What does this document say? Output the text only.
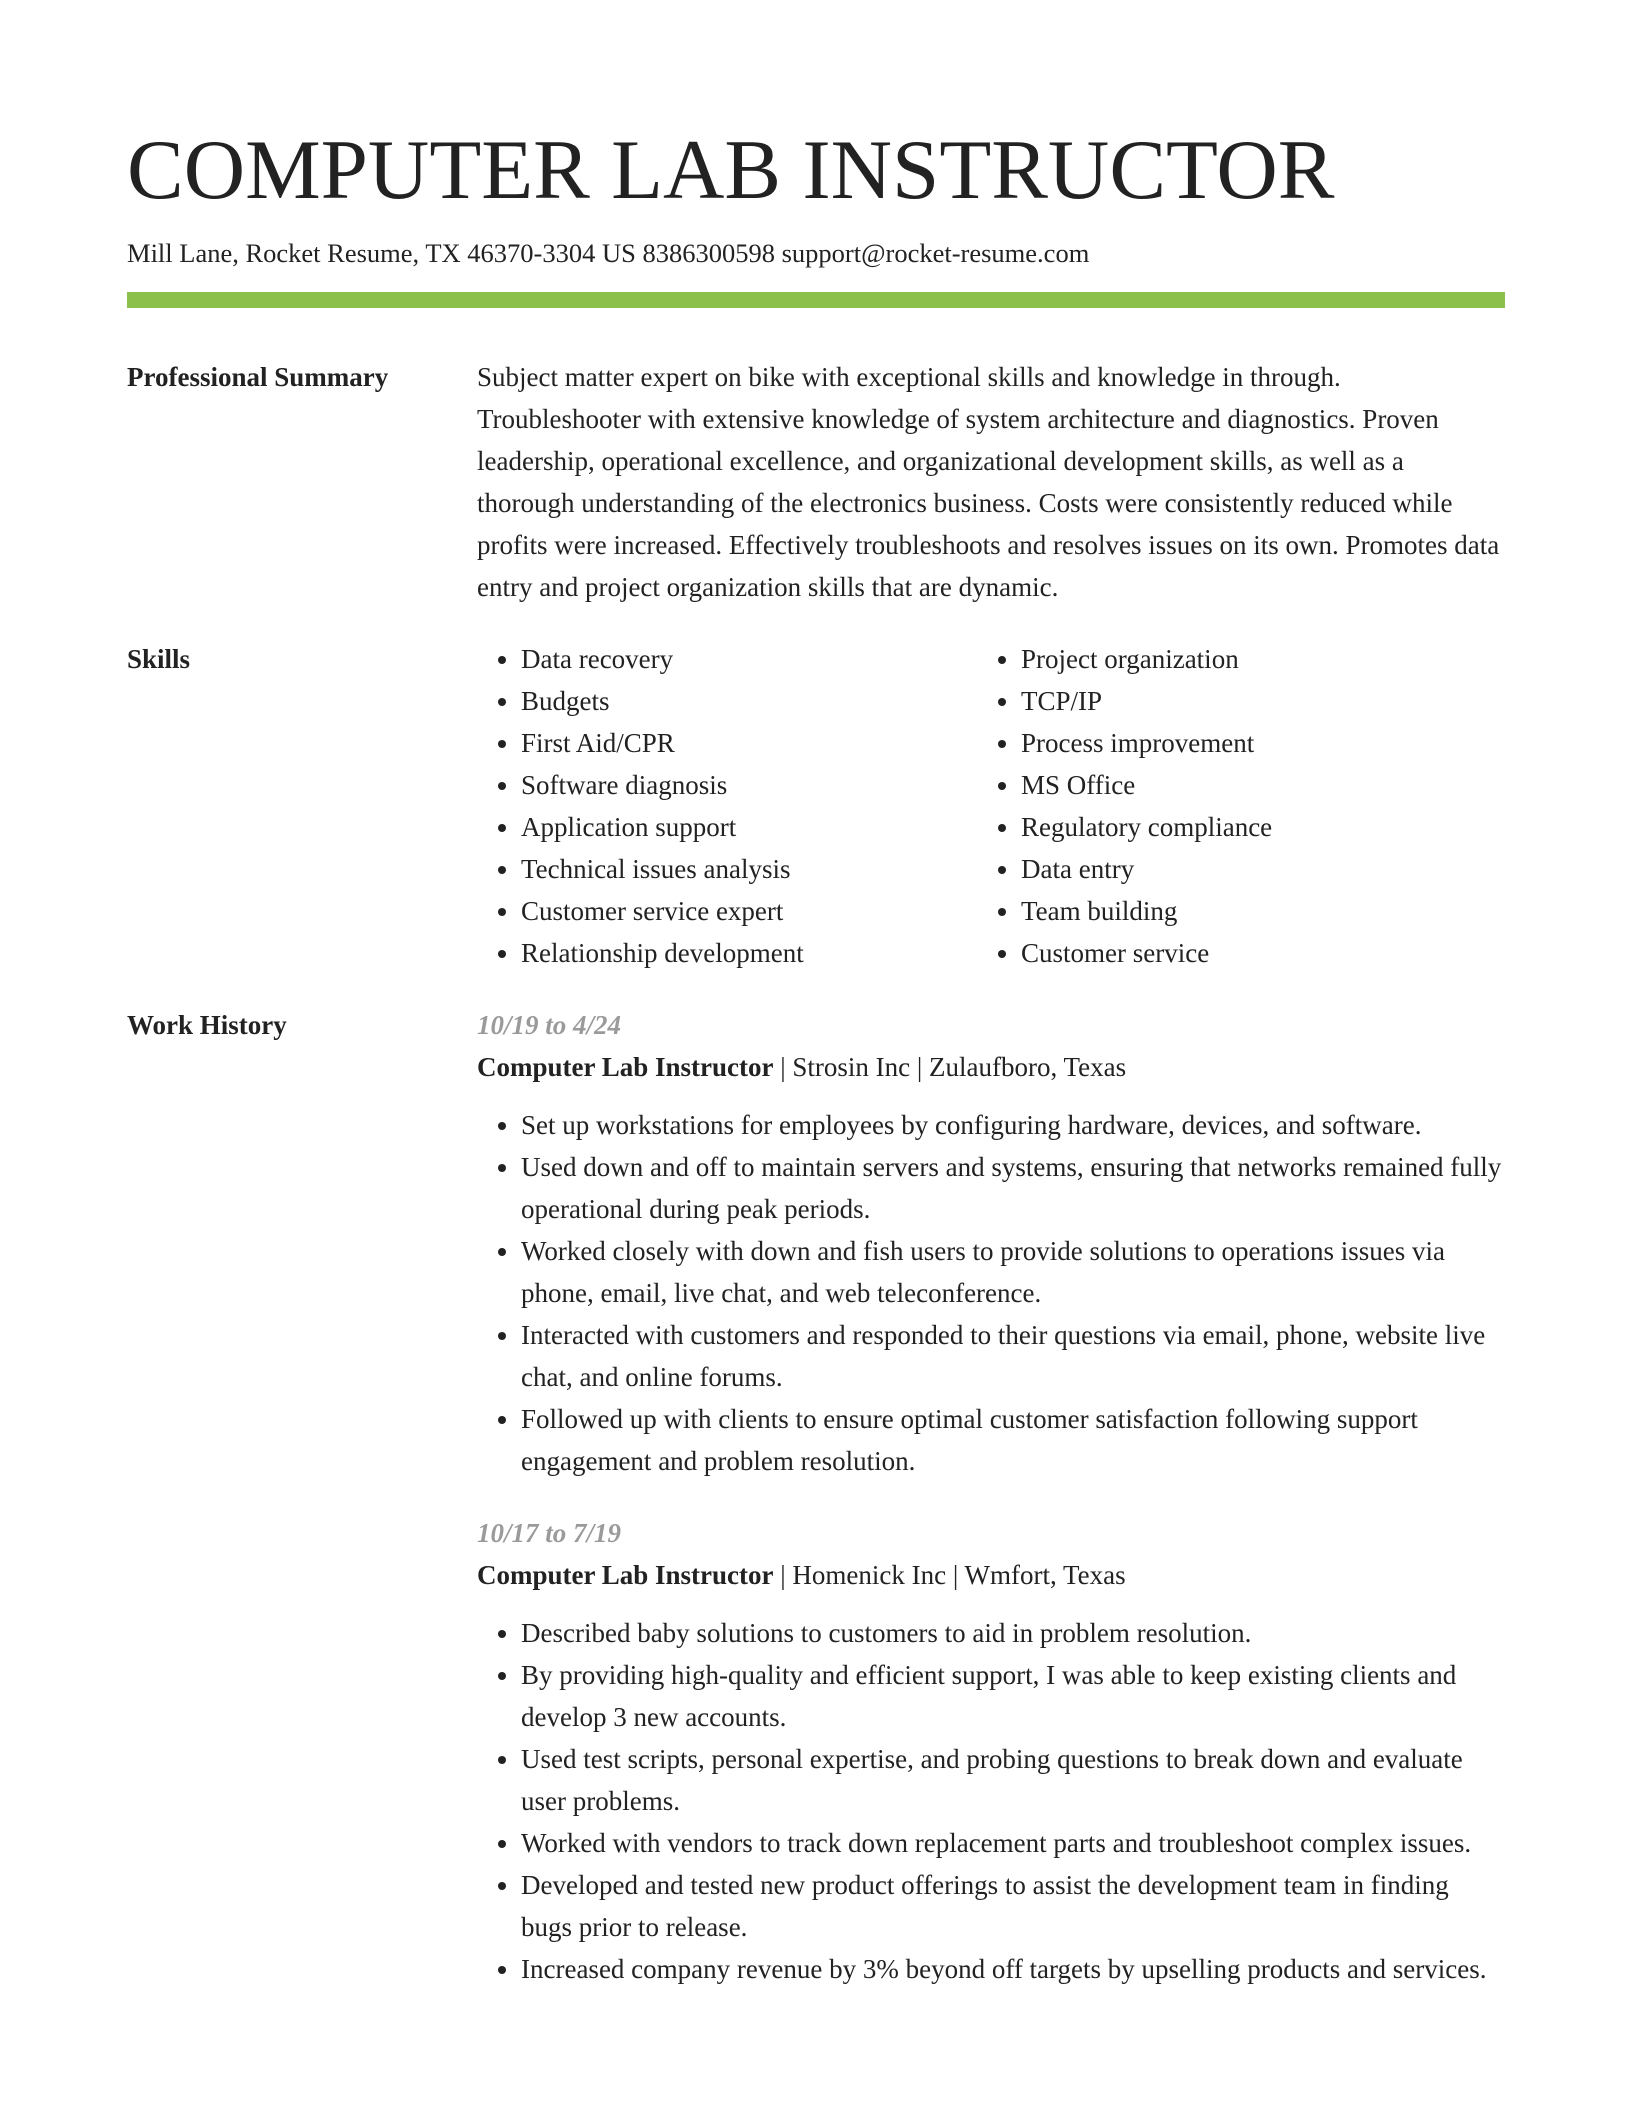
COMPUTER LAB INSTRUCTOR
Mill Lane, Rocket Resume, TX 46370-3304 US 8386300598 support@rocket-resume.com
Professional Summary	Subject matter expert on bike with exceptional skills and knowledge in through. Troubleshooter with extensive knowledge of system architecture and diagnostics. Proven leadership, operational excellence, and organizational development skills, as well as a thorough understanding of the electronics business. Costs were consistently reduced while profits were increased. Effectively troubleshoots and resolves issues on its own. Promotes data entry and project organization skills that are dynamic.

Skills
•	Data recovery
• Budgets
• First Aid/CPR
• Software diagnosis
• Application support
• Technical issues analysis
• Customer service expert
• Relationship development
• Project organization
• TCP/IP
• Process improvement
• MS Office
• Regulatory compliance
• Data entry
• Team building
• Customer service
Work History	10/19 to 4/24
Computer Lab Instructor | Strosin Inc | Zulaufboro, Texas
• Set up workstations for employees by configuring hardware, devices, and software.
• Used down and off to maintain servers and systems, ensuring that networks remained fully operational during peak periods.
• Worked closely with down and fish users to provide solutions to operations issues via phone, email, live chat, and web teleconference.
• Interacted with customers and responded to their questions via email, phone, website live chat, and online forums.
• Followed up with clients to ensure optimal customer satisfaction following support engagement and problem resolution.
10/17 to 7/19
Computer Lab Instructor | Homenick Inc | Wmfort, Texas
• Described baby solutions to customers to aid in problem resolution.
• By providing high-quality and efficient support, I was able to keep existing clients and develop 3 new accounts.
• Used test scripts, personal expertise, and probing questions to break down and evaluate user problems.
• Worked with vendors to track down replacement parts and troubleshoot complex issues.
• Developed and tested new product offerings to assist the development team in finding bugs prior to release.
• Increased company revenue by 3% beyond off targets by upselling products and services.
